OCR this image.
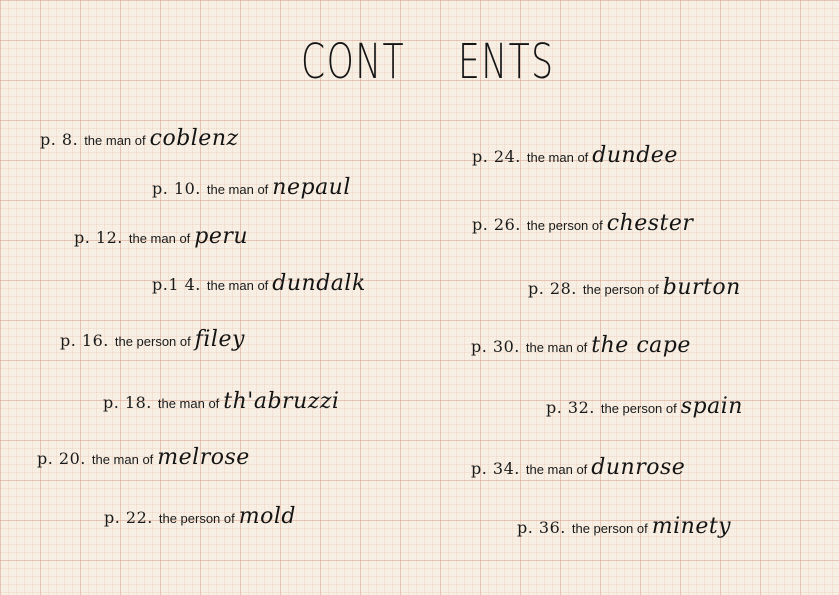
CONT ENTS
p. 8. the man of coblenz
p. 10. the man of nepaul
p. 12. the man of peru
p.1 4. the man of dundalk
p. 16. the person of filey
p. 18. the man of th'abruzzi
p. 20. the man of melrose
p. 22. the person of mold
p. 24. the man of dundee
p. 26. the person of chester
p. 28. the person of burton
p. 30. the man of the cape
p. 32. the person of spain
p. 34. the man of dunrose
p. 36. the person of minety
